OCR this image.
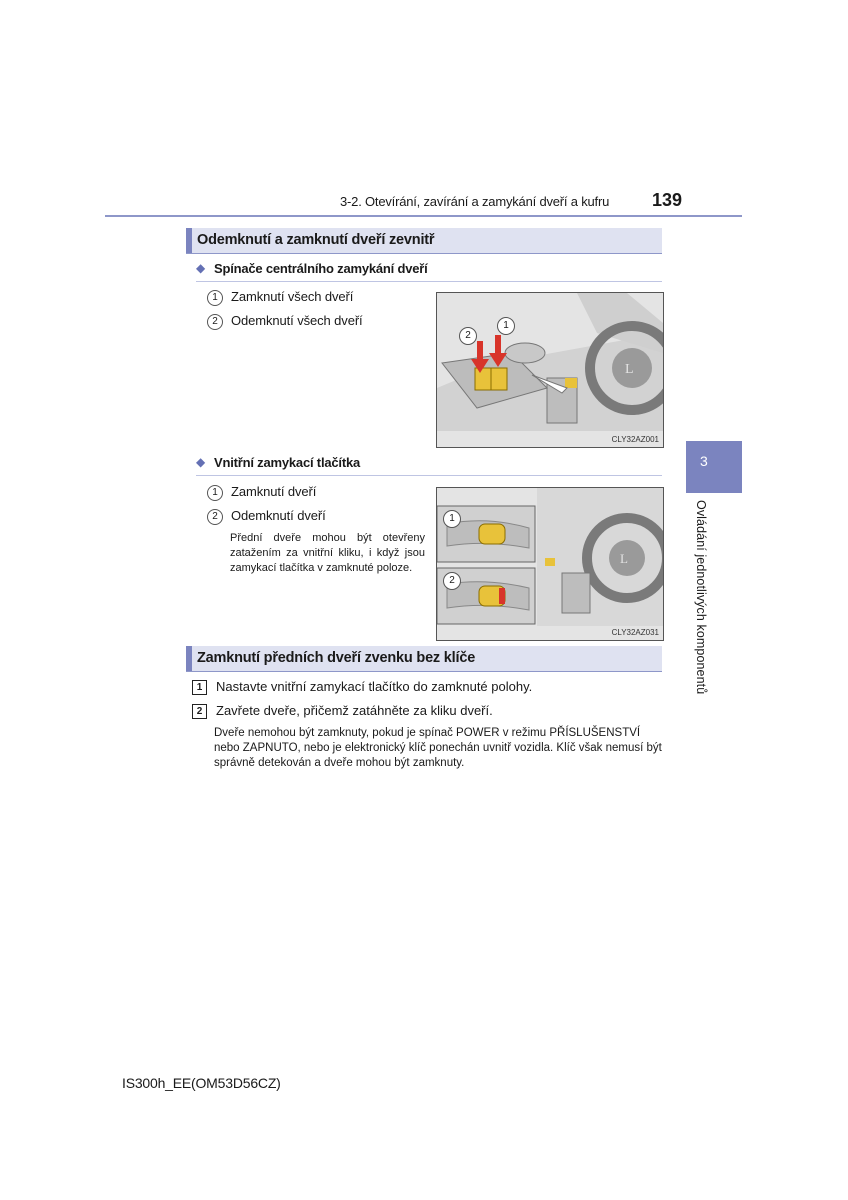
3-2. Otevírání, zavírání a zamykání dveří a kufru 139
Odemknutí a zamknutí dveří zevnitř
◆ Spínače centrálního zamykání dveří
1 Zamknutí všech dveří
2 Odemknutí všech dveří
L
2
1
CLY32AZ001
◆ Vnitřní zamykací tlačítka
1 Zamknutí dveří
2 Odemknutí dveří
Přední dveře mohou být otevřeny zatažením za vnitřní kliku, i když jsou zamykací tlačítka v zamknuté poloze.
L
1
2
CLY32AZ031
Zamknutí předních dveří zvenku bez klíče
1 Nastavte vnitřní zamykací tlačítko do zamknuté polohy.
2 Zavřete dveře, přičemž zatáhněte za kliku dveří.
Dveře nemohou být zamknuty, pokud je spínač POWER v režimu PŘÍSLUŠENSTVÍ nebo ZAPNUTO, nebo je elektronický klíč ponechán uvnitř vozidla. Klíč však nemusí být správně detekován a dveře mohou být zamknuty.
3
Ovládání jednotlivých komponentů
IS300h_EE(OM53D56CZ)
